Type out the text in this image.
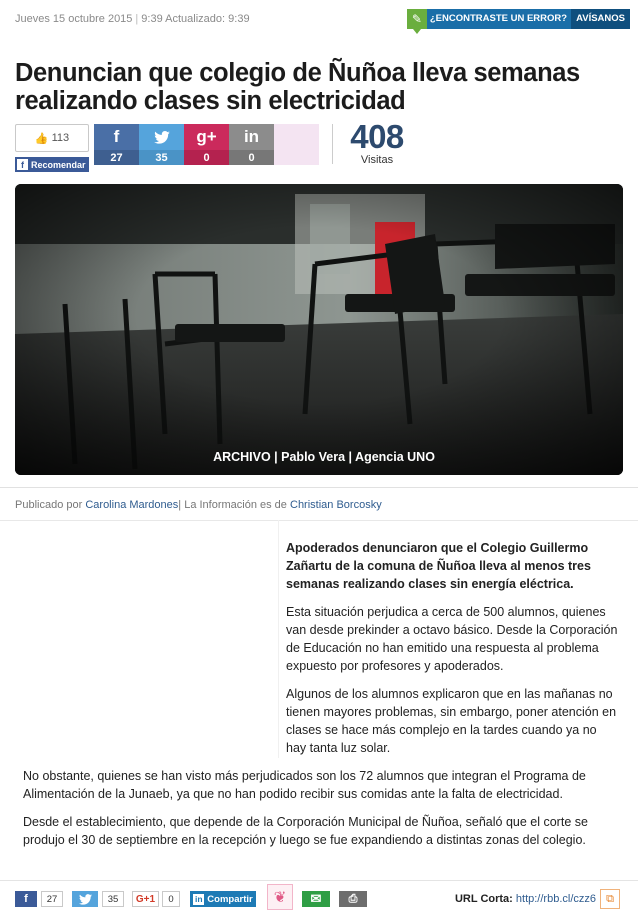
Jueves 15 octubre 2015 | 9:39 Actualizado: 9:39	✎ ¿ENCONTRASTE UN ERROR? AVÍSANOS
Denuncian que colegio de Ñuñoa lleva semanas realizando clases sin electricidad
👍 113
f Recomendar
f
27	35
g+
0
in
0
408
Visitas
ARCHIVO | Pablo Vera | Agencia UNO
Publicado por Carolina Mardones| La Información es de Christian Borcosky

Apoderados denunciaron que el Colegio Guillermo Zañartu de la comuna de Ñuñoa lleva al menos tres semanas realizando clases sin energía eléctrica.

Esta situación perjudica a cerca de 500 alumnos, quienes van desde prekinder a octavo básico. Desde la Corporación de Educación no han emitido una respuesta al problema expuesto por profesores y apoderados.

Algunos de los alumnos explicaron que en las mañanas no tienen mayores problemas, sin embargo, poner atención en clases se hace más complejo en la tardes cuando ya no hay tanta luz solar.

No obstante, quienes se han visto más perjudicados son los 72 alumnos que integran el Programa de Alimentación de la Junaeb, ya que no han podido recibir sus comidas ante la falta de electricidad.

Desde el establecimiento, que depende de la Corporación Municipal de Ñuñoa, señaló que el corte se produjo el 30 de septiembre en la recepción y luego se fue expandiendo a distintas zonas del colegio.

f	27	35	G+1	0	in Compartir	❦	✉ ⎙	URL Corta: http://rbb.cl/czz6 ⧉
